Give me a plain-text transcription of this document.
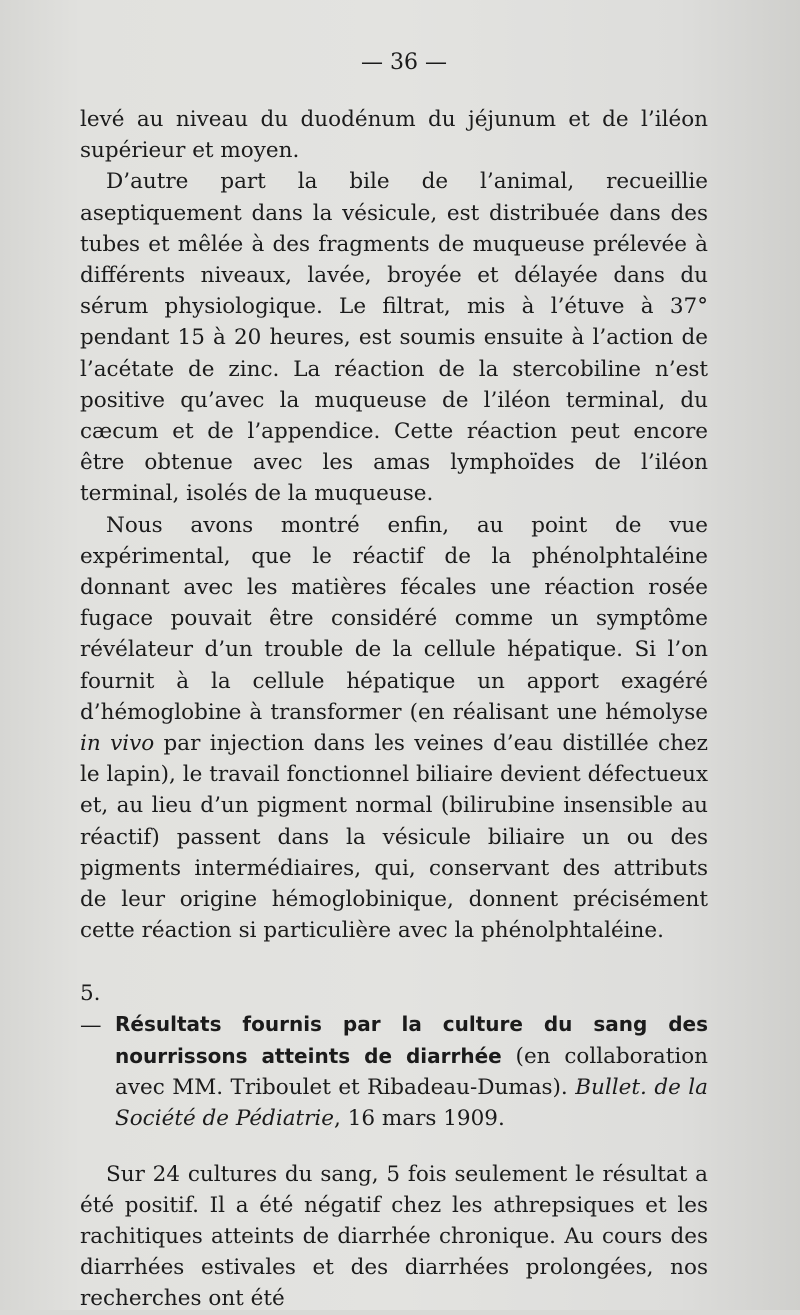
— 36 —

levé au niveau du duodénum du jéjunum et de l’iléon supérieur et moyen.

D’autre part la bile de l’animal, recueillie aseptiquement dans la vésicule, est distribuée dans des tubes et mêlée à des fragments de muqueuse prélevée à différents niveaux, lavée, broyée et délayée dans du sérum physiologique. Le filtrat, mis à l’étuve à 37° pendant 15 à 20 heures, est soumis ensuite à l’action de l’acétate de zinc. La réaction de la stercobiline n’est positive qu’avec la muqueuse de l’iléon terminal, du cæcum et de l’appendice. Cette réaction peut encore être obtenue avec les amas lymphoïdes de l’iléon terminal, isolés de la muqueuse.

Nous avons montré enfin, au point de vue expérimental, que le réactif de la phénolphtaléine donnant avec les matières fécales une réaction rosée fugace pouvait être considéré comme un symptôme révélateur d’un trouble de la cellule hépatique. Si l’on fournit à la cellule hépatique un apport exagéré d’hémoglobine à transformer (en réalisant une hémolyse in vivo par injection dans les veines d’eau distillée chez le lapin), le travail fonctionnel biliaire devient défectueux et, au lieu d’un pigment normal (bilirubine insensible au réactif) passent dans la vésicule biliaire un ou des pigments intermédiaires, qui, conservant des attributs de leur origine hémoglobinique, donnent précisément cette réaction si particulière avec la phénolphtaléine.

5. — Résultats fournis par la culture du sang des nourrissons atteints de diarrhée (en collaboration avec MM. Triboulet et Ribadeau-Dumas). Bullet. de la Société de Pédiatrie, 16 mars 1909.

Sur 24 cultures du sang, 5 fois seulement le résultat a été positif. Il a été négatif chez les athrepsiques et les rachitiques atteints de diarrhée chronique. Au cours des diarrhées estivales et des diarrhées prolongées, nos recherches ont été
